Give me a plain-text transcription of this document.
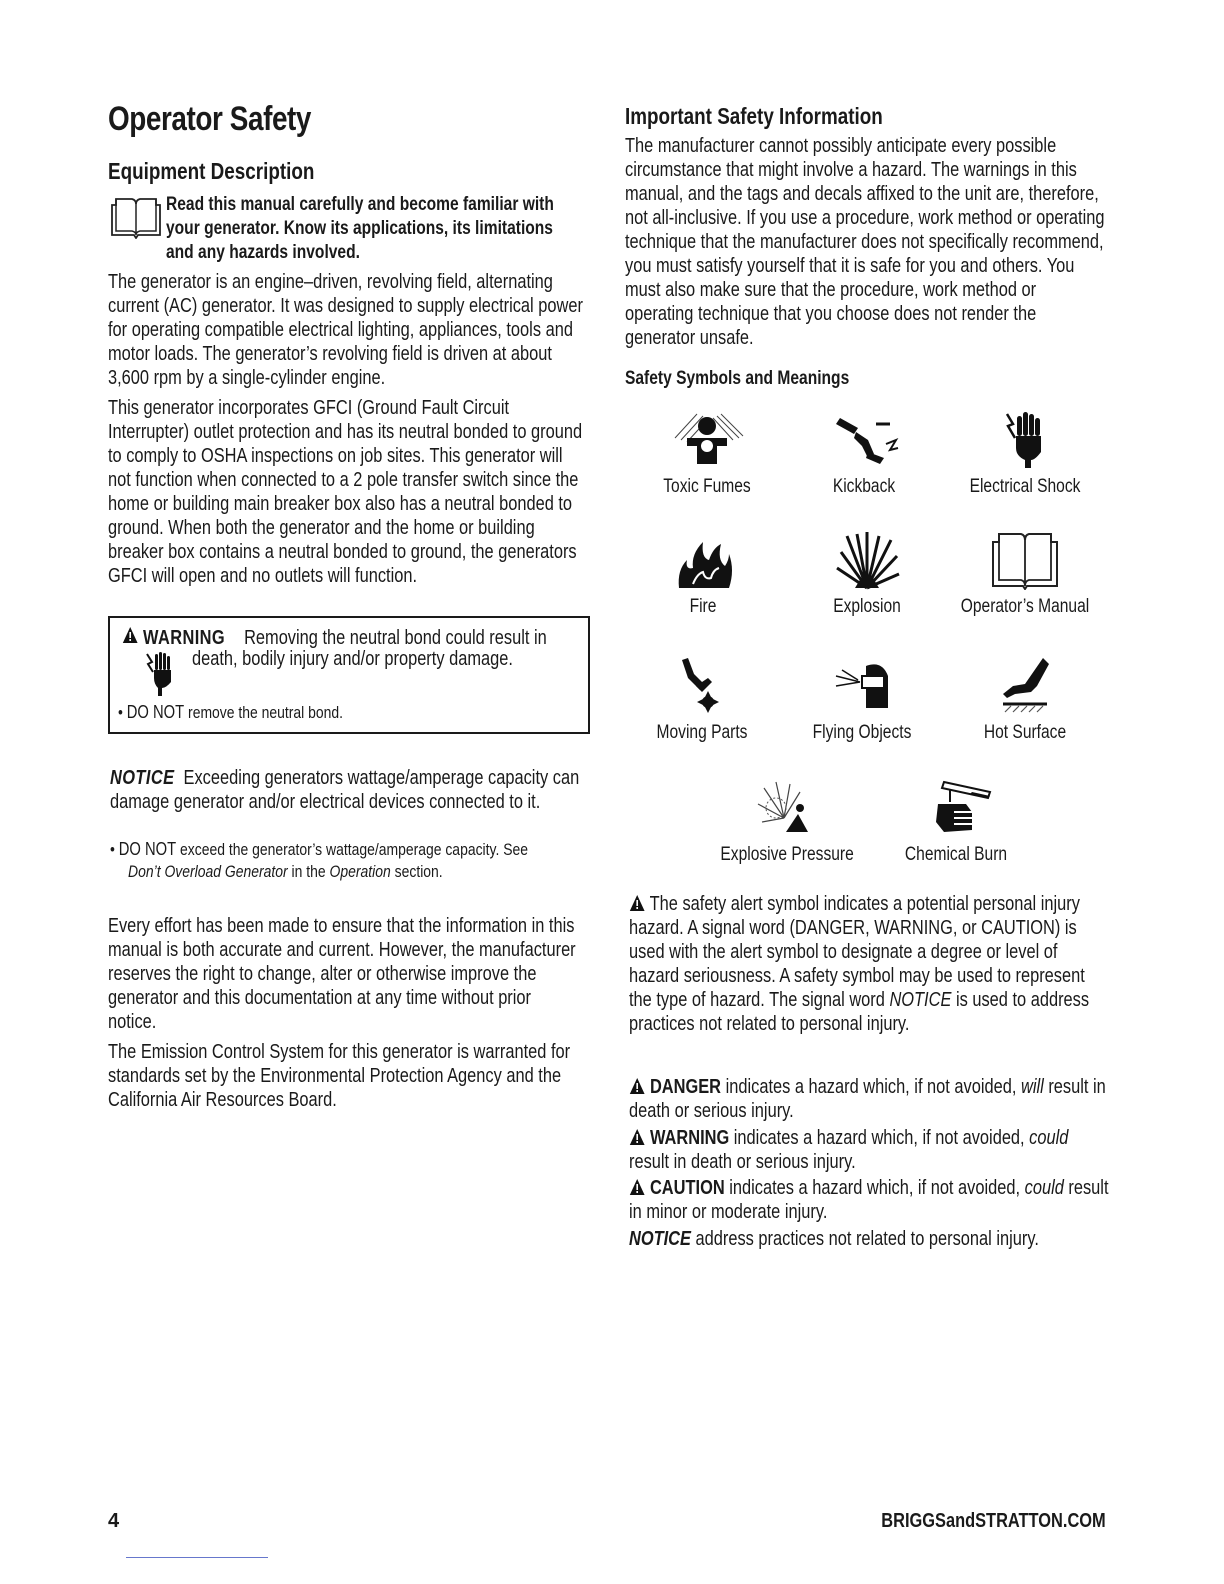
Operator Safety
Equipment Description
Read this manual carefully and become familiar with your generator. Know its applications, its limitations and any hazards involved.

The generator is an engine–driven, revolving field, alternating current (AC) generator. It was designed to supply electrical power for operating compatible electrical lighting, appliances, tools and motor loads. The generator’s revolving field is driven at about 3,600 rpm by a single-cylinder engine.

This generator incorporates GFCI (Ground Fault Circuit Interrupter) outlet protection and has its neutral bonded to ground to comply to OSHA inspections on job sites. This generator will not function when connected to a 2 pole transfer switch since the home or building main breaker box also has a neutral bonded to ground. When both the generator and the home or building breaker box contains a neutral bonded to ground, the generators GFCI will open and no outlets will function.

WARNING Removing the neutral bond could result in
death, bodily injury and/or property damage.
• DO NOT remove the neutral bond.
NOTICE Exceeding generators wattage/amperage capacity can damage generator and/or electrical devices connected to it.
• DO NOT exceed the generator’s wattage/amperage capacity. See
Don’t Overload Generator in the Operation section.

Every effort has been made to ensure that the information in this manual is both accurate and current. However, the manufacturer reserves the right to change, alter or otherwise improve the generator and this documentation at any time without prior notice.

The Emission Control System for this generator is warranted for standards set by the Environmental Protection Agency and the California Air Resources Board.

Important Safety Information

The manufacturer cannot possibly anticipate every possible circumstance that might involve a hazard. The warnings in this manual, and the tags and decals affixed to the unit are, therefore, not all-inclusive. If you use a procedure, work method or operating technique that the manufacturer does not specifically recommend, you must satisfy yourself that it is safe for you and others. You must also make sure that the procedure, work method or operating technique that you choose does not render the generator unsafe.

Safety Symbols and Meanings
Toxic Fumes	Kickback	Electrical Shock
Fire	Explosion	Operator’s Manual
Moving Parts	Flying Objects	Hot Surface
Explosive Pressure	Chemical Burn
The safety alert symbol indicates a potential personal injury hazard. A signal word (DANGER, WARNING, or CAUTION) is used with the alert symbol to designate a degree or level of hazard seriousness. A safety symbol may be used to represent the type of hazard. The signal word NOTICE is used to address practices not related to personal injury.
DANGER indicates a hazard which, if not avoided, will result in death or serious injury.
WARNING indicates a hazard which, if not avoided, could result in death or serious injury.
CAUTION indicates a hazard which, if not avoided, could result in minor or moderate injury.
NOTICE address practices not related to personal injury.
4	BRIGGSandSTRATTON.COM
